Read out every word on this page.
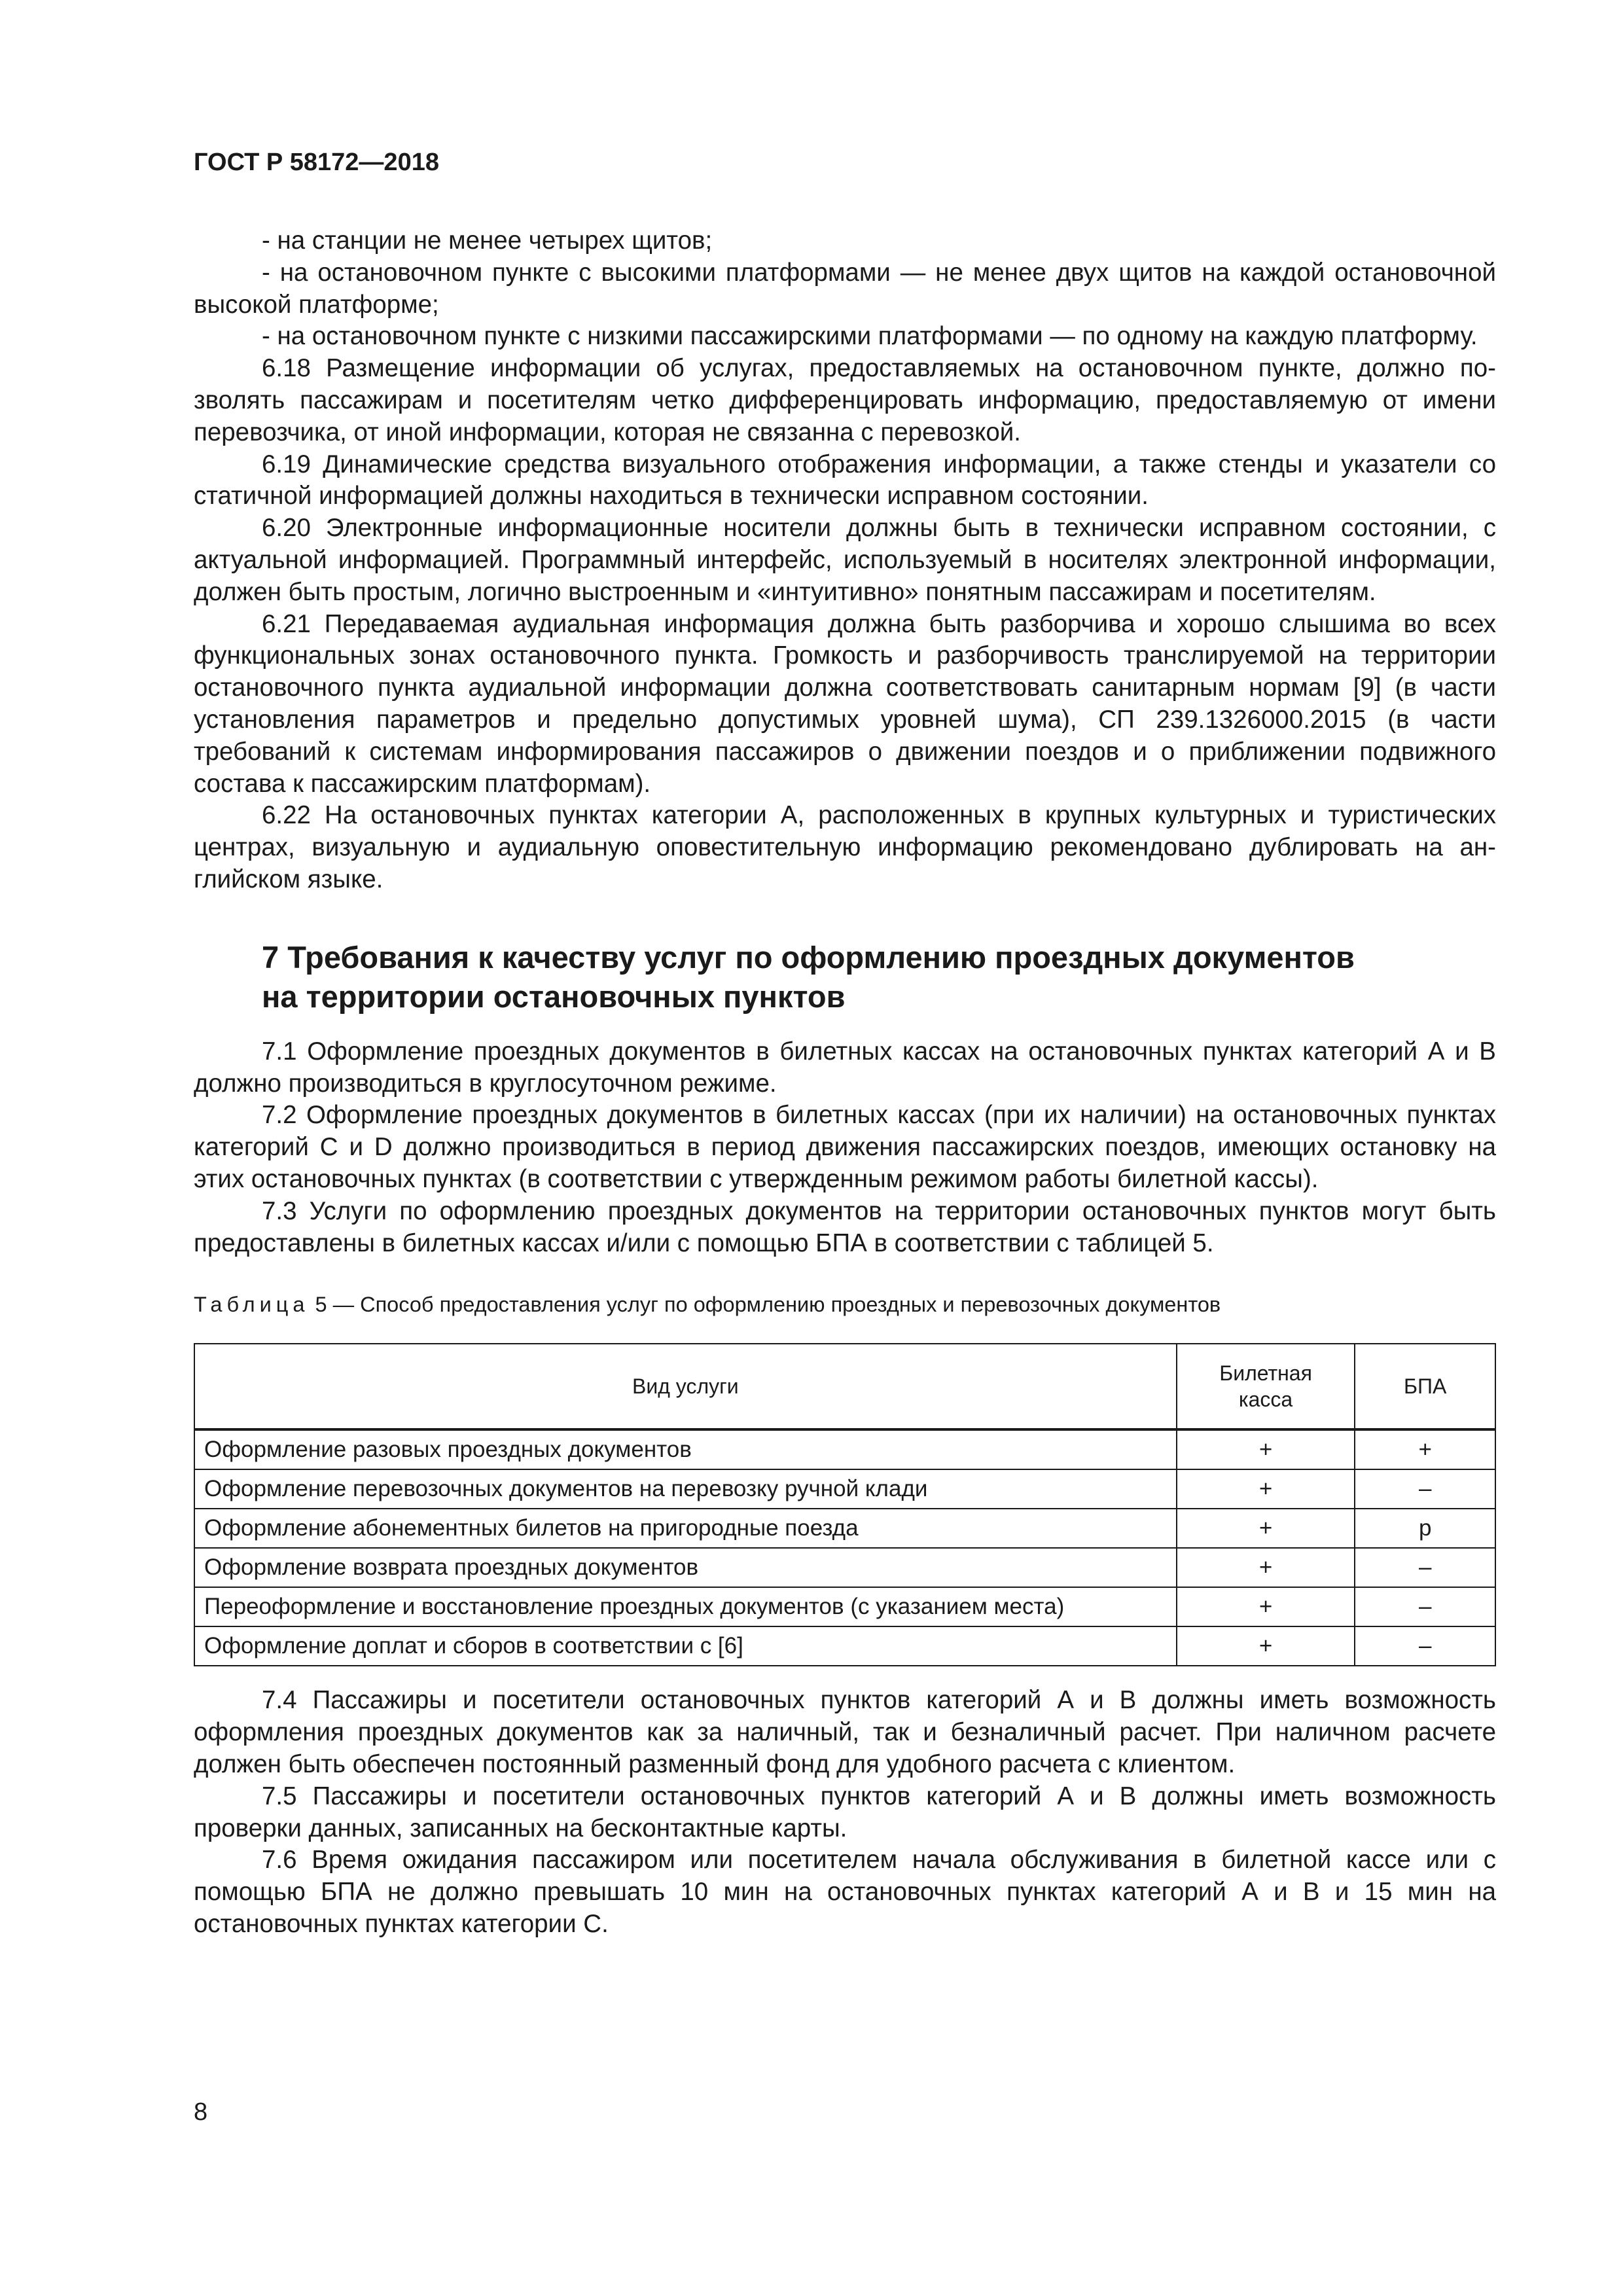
ГОСТ Р 58172—2018

- на станции не менее четырех щитов;

- на остановочном пункте с высокими платформами — не менее двух щитов на каждой остановочной высокой платформе;

- на остановочном пункте с низкими пассажирскими платформами — по одному на каждую платформу.

6.18 Размещение информации об услугах, предоставляемых на остановочном пункте, должно позволять пассажирам и посетителям четко дифференцировать информацию, предоставляемую от имени перевозчика, от иной информации, которая не связанна с перевозкой.

6.19 Динамические средства визуального отображения информации, а также стенды и указатели со статичной информацией должны находиться в технически исправном состоянии.

6.20 Электронные информационные носители должны быть в технически исправном состоянии, с актуальной информацией. Программный интерфейс, используемый в носителях электронной информации, должен быть простым, логично выстроенным и «интуитивно» понятным пассажирам и посетителям.

6.21 Передаваемая аудиальная информация должна быть разборчива и хорошо слышима во всех функциональных зонах остановочного пункта. Громкость и разборчивость транслируемой на территории остановочного пункта аудиальной информации должна соответствовать санитарным нормам [9] (в части установления параметров и предельно допустимых уровней шума), СП 239.1326000.2015 (в части требований к системам информирования пассажиров о движении поездов и о приближении подвижного состава к пассажирским платформам).

6.22 На остановочных пунктах категории А, расположенных в крупных культурных и туристических центрах, визуальную и аудиальную оповестительную информацию рекомендовано дублировать на английском языке.

7 Требования к качеству услуг по оформлению проездных документов
на территории остановочных пунктов

7.1 Оформление проездных документов в билетных кассах на остановочных пунктах категорий А и В должно производиться в круглосуточном режиме.

7.2 Оформление проездных документов в билетных кассах (при их наличии) на остановочных пунктах категорий С и D должно производиться в период движения пассажирских поездов, имеющих остановку на этих остановочных пунктах (в соответствии с утвержденным режимом работы билетной кассы).

7.3 Услуги по оформлению проездных документов на территории остановочных пунктов могут быть предоставлены в билетных кассах и/или с помощью БПА в соответствии с таблицей 5.

Таблица 5 — Способ предоставления услуг по оформлению проездных и перевозочных документов
Вид услуги	Билетная касса	БПА
Оформление разовых проездных документов	+	+
Оформление перевозочных документов на перевозку ручной клади	+	–
Оформление абонементных билетов на пригородные поезда	+	р
Оформление возврата проездных документов	+	–
Переоформление и восстановление проездных документов (с указанием места)	+	–
Оформление доплат и сборов в соответствии с [6]	+	–

7.4 Пассажиры и посетители остановочных пунктов категорий А и В должны иметь возможность оформления проездных документов как за наличный, так и безналичный расчет. При наличном расчете должен быть обеспечен постоянный разменный фонд для удобного расчета с клиентом.

7.5 Пассажиры и посетители остановочных пунктов категорий А и В должны иметь возможность проверки данных, записанных на бесконтактные карты.

7.6 Время ожидания пассажиром или посетителем начала обслуживания в билетной кассе или с помощью БПА не должно превышать 10 мин на остановочных пунктах категорий А и В и 15 мин на остановочных пунктах категории С.

8
